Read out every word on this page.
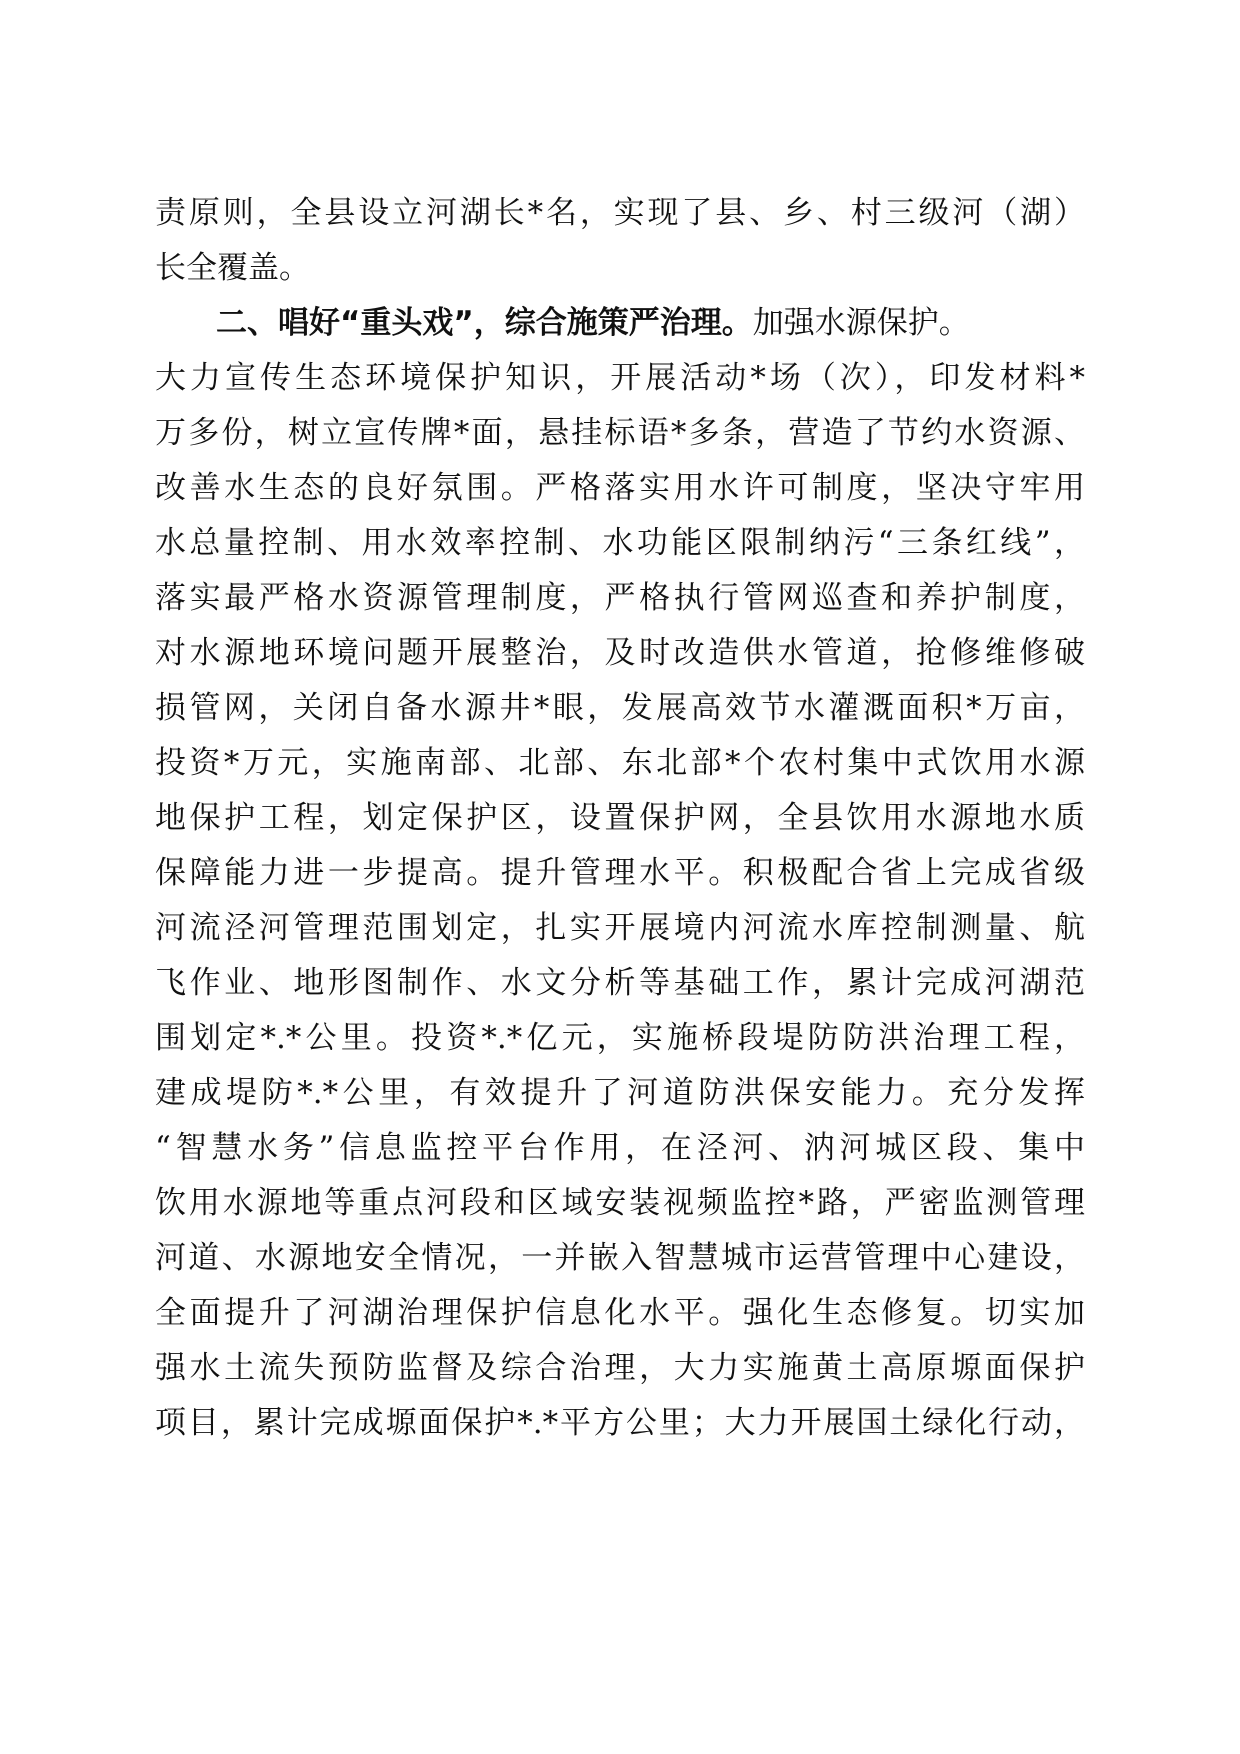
责原则，全县设立河湖长*名，实现了县、乡、村三级河（湖）
长全覆盖。
二、唱好“重头戏”，综合施策严治理。加强水源保护。
大力宣传生态环境保护知识，开展活动*场（次），印发材料*
万多份，树立宣传牌*面，悬挂标语*多条，营造了节约水资源、
改善水生态的良好氛围。严格落实用水许可制度，坚决守牢用
水总量控制、用水效率控制、水功能区限制纳污“三条红线”，
落实最严格水资源管理制度，严格执行管网巡查和养护制度，
对水源地环境问题开展整治，及时改造供水管道，抢修维修破
损管网，关闭自备水源井*眼，发展高效节水灌溉面积*万亩，
投资*万元，实施南部、北部、东北部*个农村集中式饮用水源
地保护工程，划定保护区，设置保护网，全县饮用水源地水质
保障能力进一步提高。提升管理水平。积极配合省上完成省级
河流泾河管理范围划定，扎实开展境内河流水库控制测量、航
飞作业、地形图制作、水文分析等基础工作，累计完成河湖范
围划定*.*公里。投资*.*亿元，实施桥段堤防防洪治理工程，
建成堤防*.*公里，有效提升了河道防洪保安能力。充分发挥
“智慧水务”信息监控平台作用，在泾河、汭河城区段、集中
饮用水源地等重点河段和区域安装视频监控*路，严密监测管理
河道、水源地安全情况，一并嵌入智慧城市运营管理中心建设，
全面提升了河湖治理保护信息化水平。强化生态修复。切实加
强水土流失预防监督及综合治理，大力实施黄土高原塬面保护
项目，累计完成塬面保护*.*平方公里；大力开展国土绿化行动，
